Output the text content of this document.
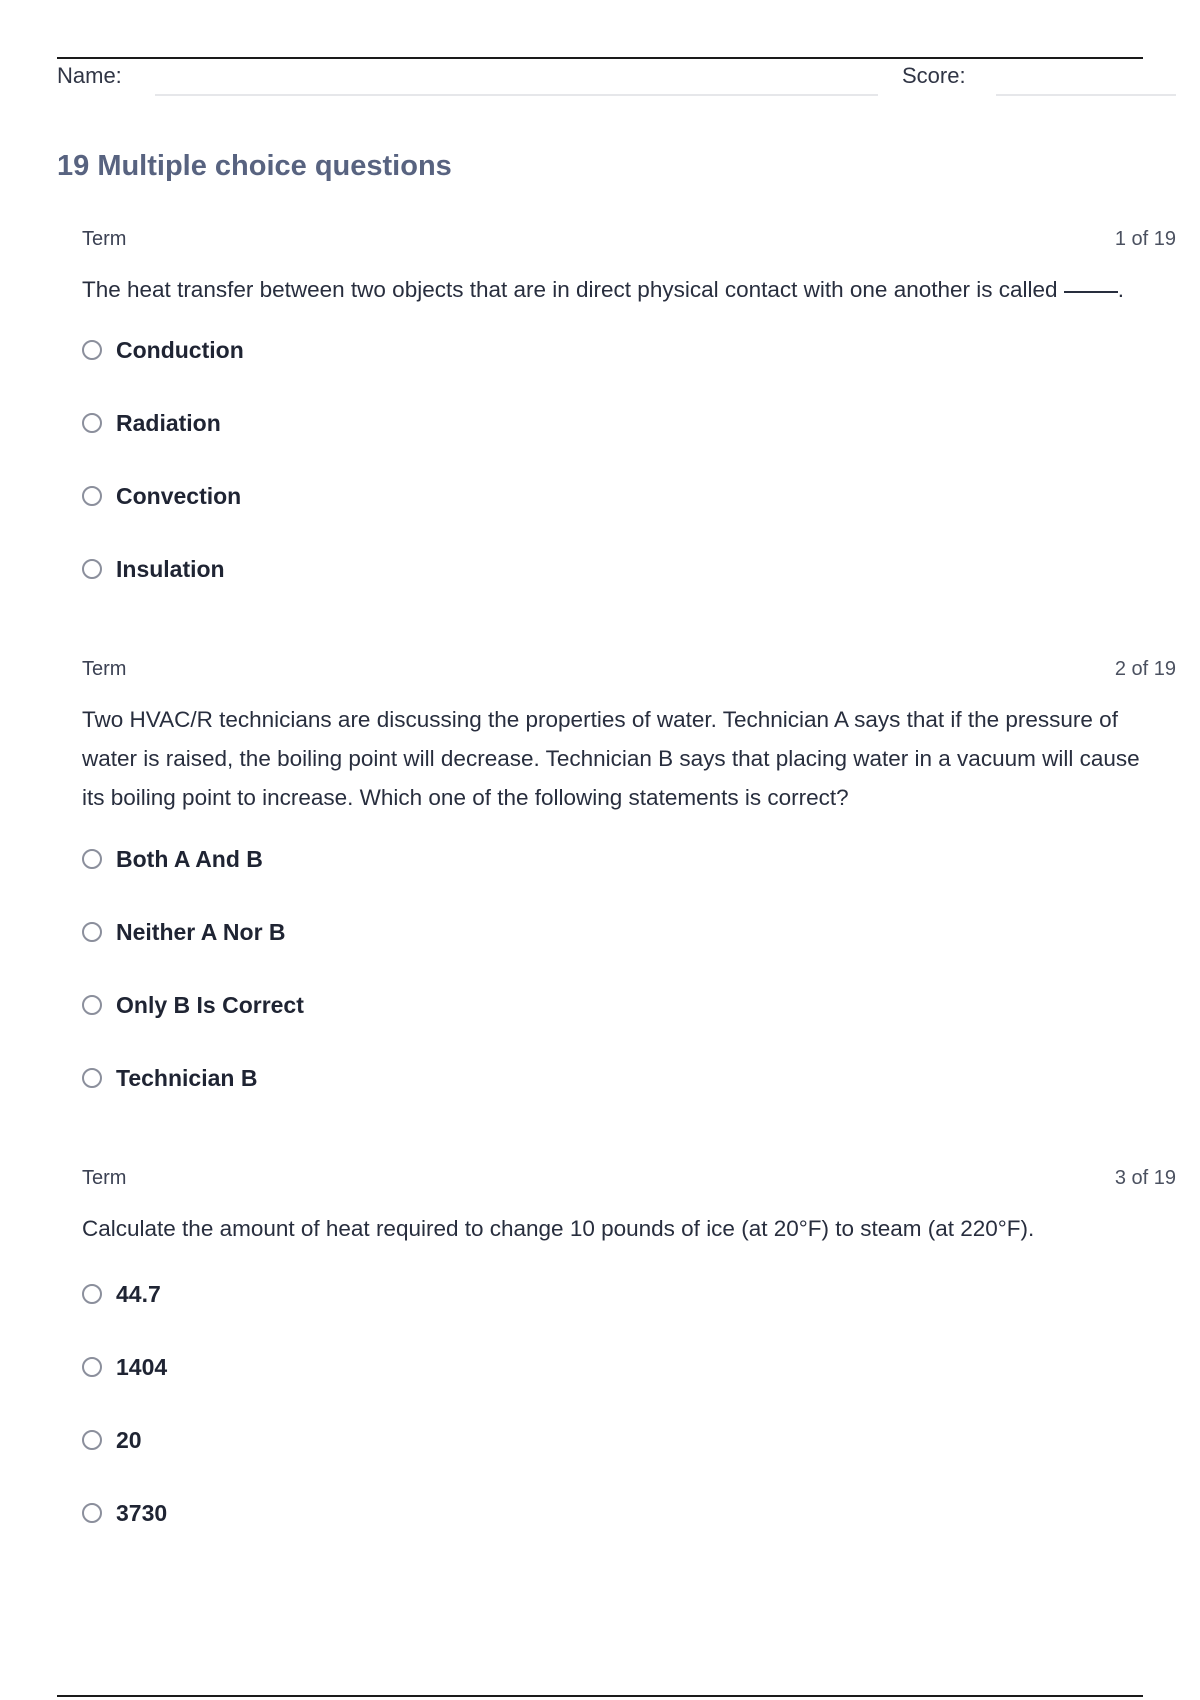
Name:	Score:
19 Multiple choice questions
Term	1 of 19
The heat transfer between two objects that are in direct physical contact with one another is called .
Conduction
Radiation
Convection
Insulation
Term	2 of 19
Two HVAC/R technicians are discussing the properties of water. Technician A says that if the pressure of water is raised, the boiling point will decrease. Technician B says that placing water in a vacuum will cause its boiling point to increase. Which one of the following statements is correct?
Both A And B
Neither A Nor B
Only B Is Correct
Technician B
Term	3 of 19
Calculate the amount of heat required to change 10 pounds of ice (at 20°F) to steam (at 220°F).
44.7
1404
20
3730
